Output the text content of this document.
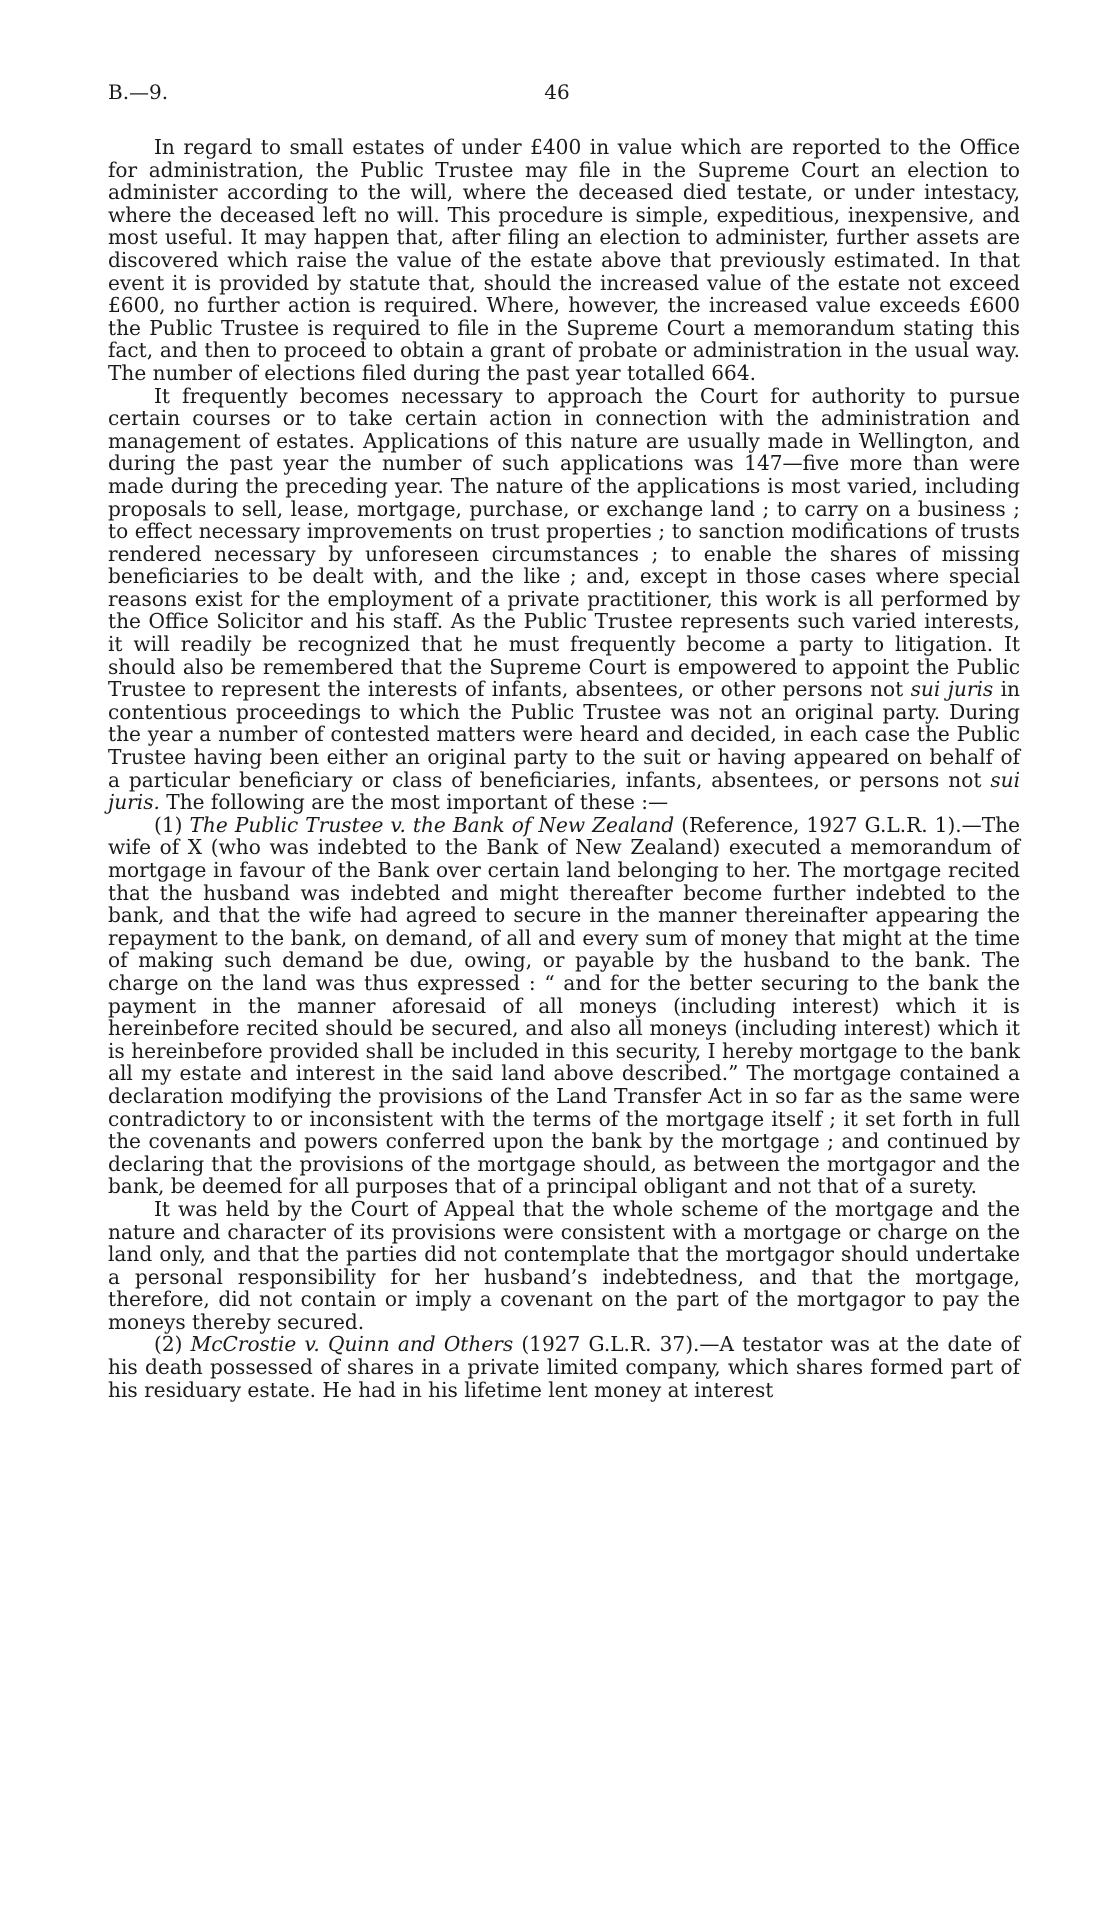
B.—9.	46

In regard to small estates of under £400 in value which are reported to the Office for administration, the Public Trustee may file in the Supreme Court an election to administer according to the will, where the deceased died testate, or under intestacy, where the deceased left no will. This procedure is simple, expeditious, inexpensive, and most useful. It may happen that, after filing an election to administer, further assets are discovered which raise the value of the estate above that previously estimated. In that event it is provided by statute that, should the increased value of the estate not exceed £600, no further action is required. Where, however, the increased value exceeds £600 the Public Trustee is required to file in the Supreme Court a memorandum stating this fact, and then to proceed to obtain a grant of probate or administration in the usual way. The number of elections filed during the past year totalled 664.

It frequently becomes necessary to approach the Court for authority to pursue certain courses or to take certain action in connection with the administration and management of estates. Applications of this nature are usually made in Wellington, and during the past year the number of such applications was 147—five more than were made during the preceding year. The nature of the applications is most varied, including proposals to sell, lease, mortgage, purchase, or exchange land ; to carry on a business ; to effect necessary improvements on trust properties ; to sanction modifications of trusts rendered necessary by unforeseen circumstances ; to enable the shares of missing beneficiaries to be dealt with, and the like ; and, except in those cases where special reasons exist for the employment of a private practitioner, this work is all performed by the Office Solicitor and his staff. As the Public Trustee represents such varied interests, it will readily be recognized that he must frequently become a party to litigation. It should also be remembered that the Supreme Court is empowered to appoint the Public Trustee to represent the interests of infants, absentees, or other persons not sui juris in contentious proceedings to which the Public Trustee was not an original party. During the year a number of contested matters were heard and decided, in each case the Public Trustee having been either an original party to the suit or having appeared on behalf of a particular beneficiary or class of beneficiaries, infants, absentees, or persons not sui juris. The following are the most important of these :—

(1) The Public Trustee v. the Bank of New Zealand (Reference, 1927 G.L.R. 1).—The wife of X (who was indebted to the Bank of New Zealand) executed a memorandum of mortgage in favour of the Bank over certain land belonging to her. The mortgage recited that the husband was indebted and might thereafter become further indebted to the bank, and that the wife had agreed to secure in the manner thereinafter appearing the repayment to the bank, on demand, of all and every sum of money that might at the time of making such demand be due, owing, or payable by the husband to the bank. The charge on the land was thus expressed : “ and for the better securing to the bank the payment in the manner aforesaid of all moneys (including interest) which it is hereinbefore recited should be secured, and also all moneys (including interest) which it is hereinbefore provided shall be included in this security, I hereby mortgage to the bank all my estate and interest in the said land above described.” The mortgage contained a declaration modifying the provisions of the Land Transfer Act in so far as the same were contradictory to or inconsistent with the terms of the mortgage itself ; it set forth in full the covenants and powers conferred upon the bank by the mortgage ; and continued by declaring that the provisions of the mortgage should, as between the mortgagor and the bank, be deemed for all purposes that of a principal obligant and not that of a surety.

It was held by the Court of Appeal that the whole scheme of the mortgage and the nature and character of its provisions were consistent with a mortgage or charge on the land only, and that the parties did not contemplate that the mortgagor should undertake a personal responsibility for her husband’s indebtedness, and that the mortgage, therefore, did not contain or imply a covenant on the part of the mortgagor to pay the moneys thereby secured.

(2) McCrostie v. Quinn and Others (1927 G.L.R. 37).—A testator was at the date of his death possessed of shares in a private limited company, which shares formed part of his residuary estate. He had in his lifetime lent money at interest
